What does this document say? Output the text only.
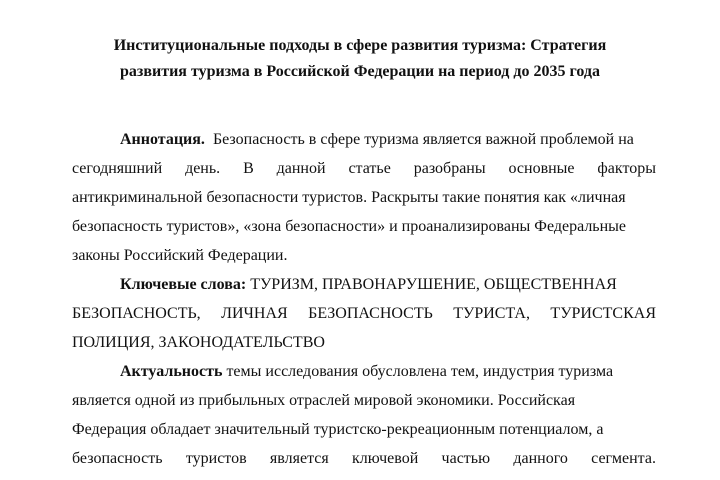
Институциональные подходы в сфере развития туризма: Стратегия
развития туризма в Российской Федерации на период до 2035 года
Аннотация.  Безопасность в сфере туризма является важной проблемой на
сегодняшний день. В данной статье разобраны основные факторы
антикриминальной безопасности туристов. Раскрыты такие понятия как «личная
безопасность туристов», «зона безопасности» и проанализированы Федеральные
законы Российский Федерации.
Ключевые слова: ТУРИЗМ, ПРАВОНАРУШЕНИЕ, ОБЩЕСТВЕННАЯ
БЕЗОПАСНОСТЬ, ЛИЧНАЯ БЕЗОПАСНОСТЬ ТУРИСТА, ТУРИСТСКАЯ
ПОЛИЦИЯ, ЗАКОНОДАТЕЛЬСТВО
Актуальность темы исследования обусловлена тем, индустрия туризма
является одной из прибыльных отраслей мировой экономики. Российская
Федерация обладает значительный туристско-рекреационным потенциалом, а
безопасность туристов является ключевой частью данного сегмента.
